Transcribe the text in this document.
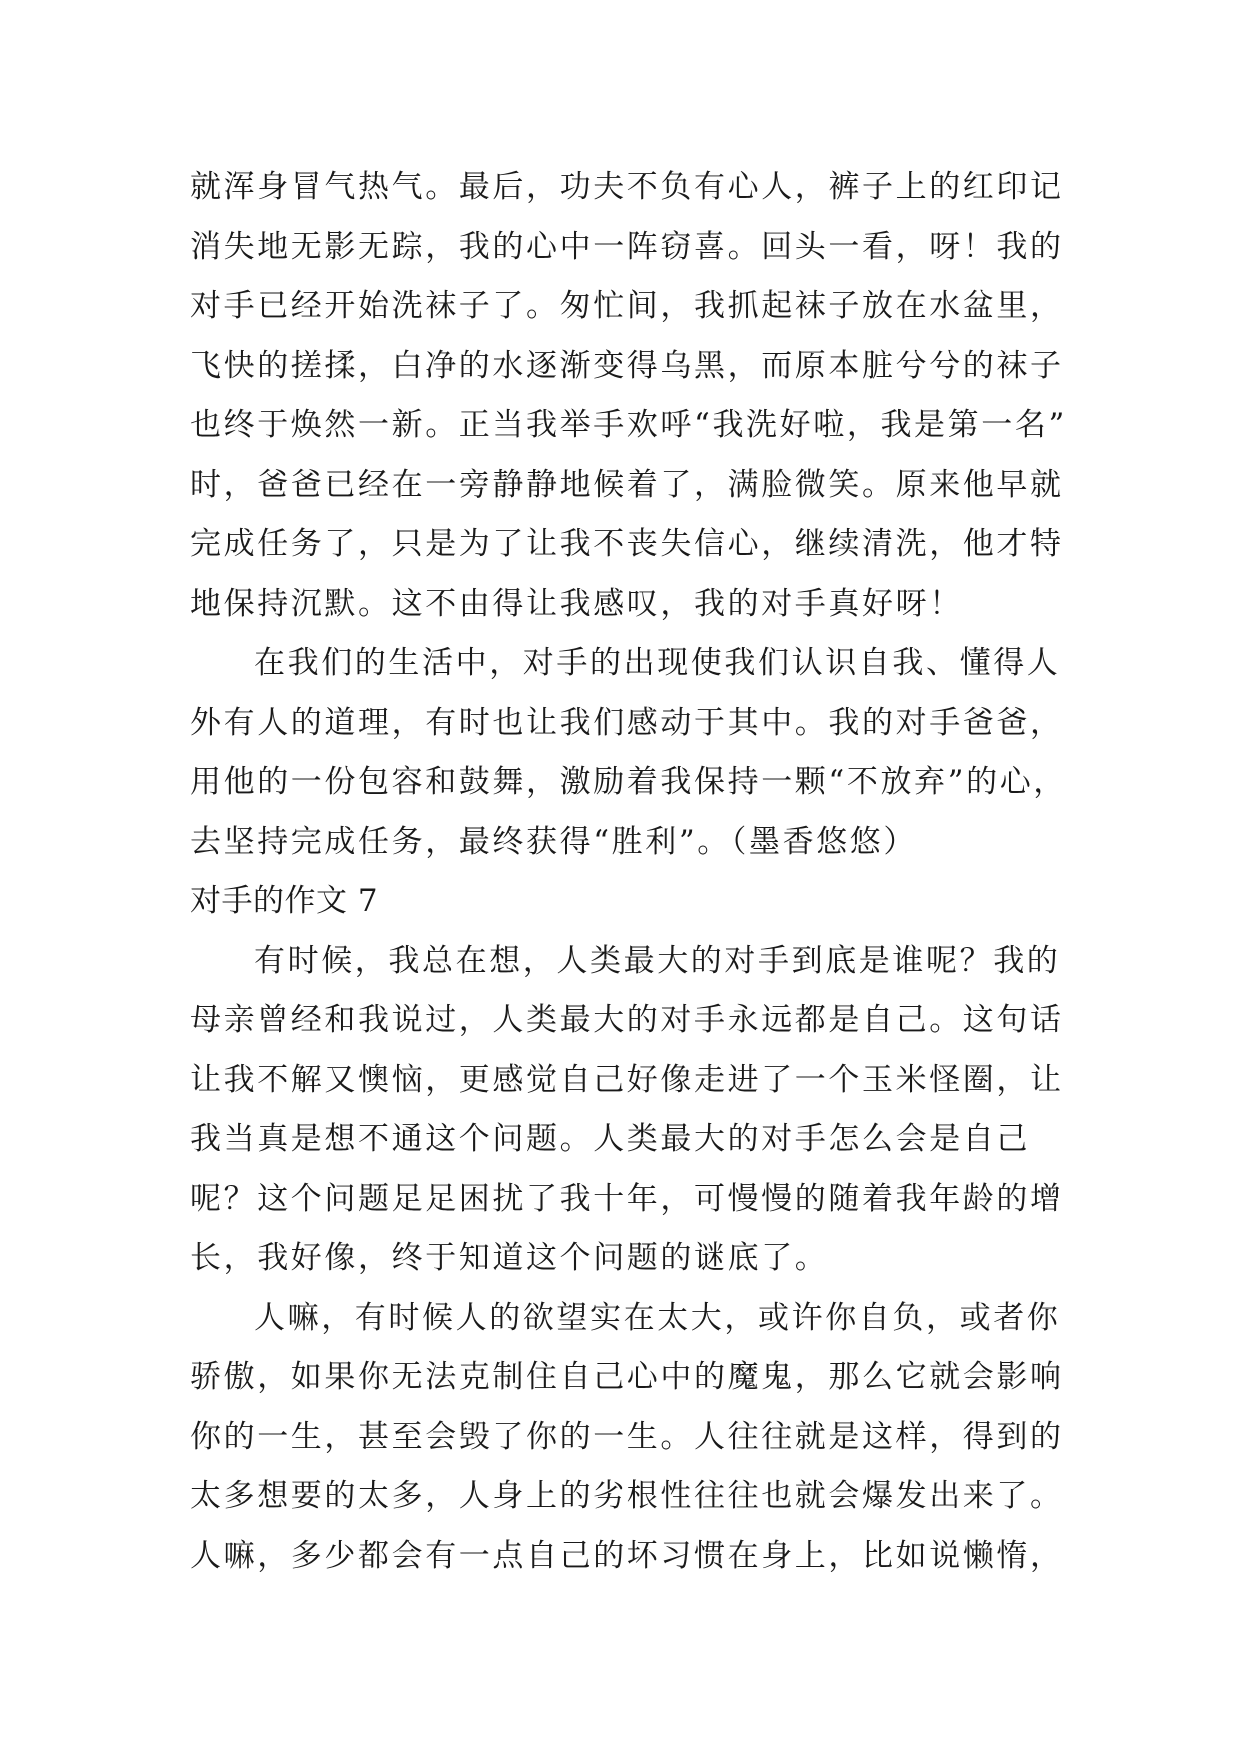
就浑身冒气热气。最后，功夫不负有心人，裤子上的红印记
消失地无影无踪，我的心中一阵窃喜。回头一看，呀！我的
对手已经开始洗袜子了。匆忙间，我抓起袜子放在水盆里，
飞快的搓揉，白净的水逐渐变得乌黑，而原本脏兮兮的袜子
也终于焕然一新。正当我举手欢呼“我洗好啦，我是第一名”
时，爸爸已经在一旁静静地候着了，满脸微笑。原来他早就
完成任务了，只是为了让我不丧失信心，继续清洗，他才特
地保持沉默。这不由得让我感叹，我的对手真好呀！
在我们的生活中，对手的出现使我们认识自我、懂得人
外有人的道理，有时也让我们感动于其中。我的对手爸爸，
用他的一份包容和鼓舞，激励着我保持一颗“不放弃”的心，
去坚持完成任务，最终获得“胜利”。（墨香悠悠）
对手的作文 7
有时候，我总在想，人类最大的对手到底是谁呢？我的
母亲曾经和我说过，人类最大的对手永远都是自己。这句话
让我不解又懊恼，更感觉自己好像走进了一个玉米怪圈，让
我当真是想不通这个问题。人类最大的对手怎么会是自己
呢？这个问题足足困扰了我十年，可慢慢的随着我年龄的增
长，我好像，终于知道这个问题的谜底了。
人嘛，有时候人的欲望实在太大，或许你自负，或者你
骄傲，如果你无法克制住自己心中的魔鬼，那么它就会影响
你的一生，甚至会毁了你的一生。人往往就是这样，得到的
太多想要的太多，人身上的劣根性往往也就会爆发出来了。
人嘛，多少都会有一点自己的坏习惯在身上，比如说懒惰，
